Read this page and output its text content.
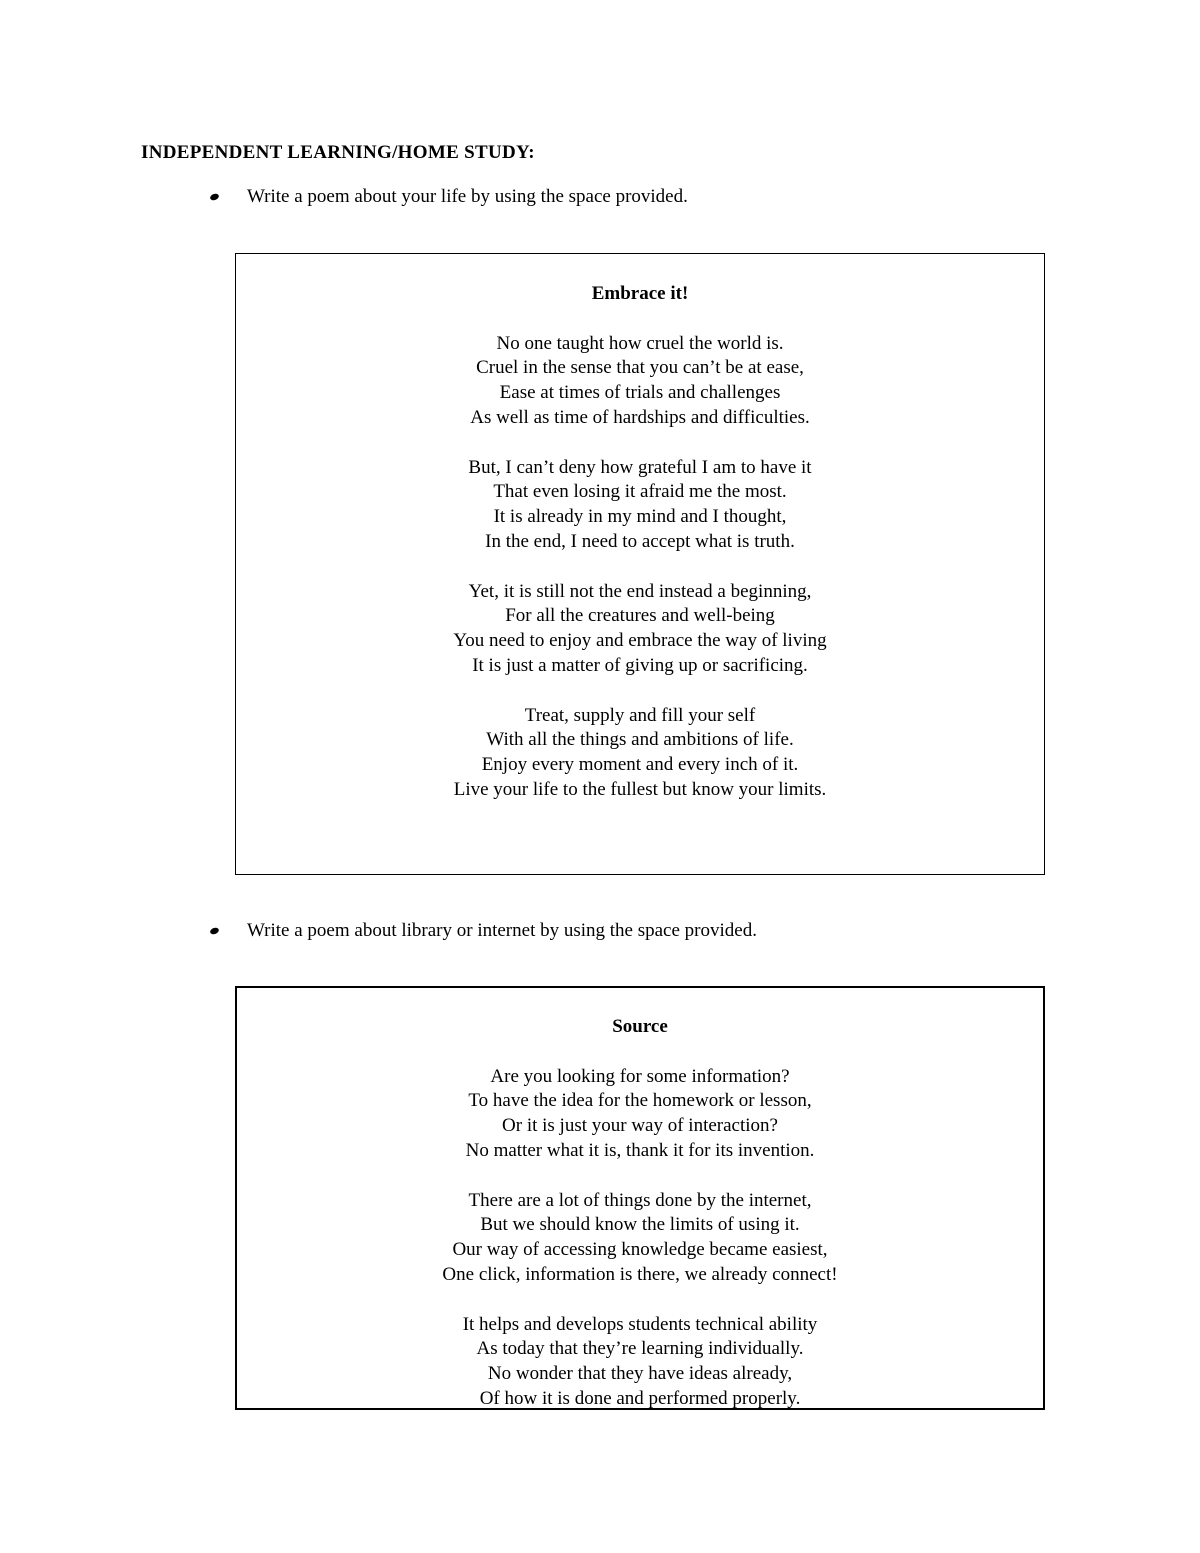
INDEPENDENT LEARNING/HOME STUDY:
Write a poem about your life by using the space provided.
Embrace it!
No one taught how cruel the world is.
Cruel in the sense that you can’t be at ease,
Ease at times of trials and challenges
As well as time of hardships and difficulties.
But, I can’t deny how grateful I am to have it
That even losing it afraid me the most.
It is already in my mind and I thought,
In the end, I need to accept what is truth.
Yet, it is still not the end instead a beginning,
For all the creatures and well-being
You need to enjoy and embrace the way of living
It is just a matter of giving up or sacrificing.
Treat, supply and fill your self
With all the things and ambitions of life.
Enjoy every moment and every inch of it.
Live your life to the fullest but know your limits.
Write a poem about library or internet by using the space provided.
Source
Are you looking for some information?
To have the idea for the homework or lesson,
Or it is just your way of interaction?
No matter what it is, thank it for its invention.
There are a lot of things done by the internet,
But we should know the limits of using it.
Our way of accessing knowledge became easiest,
One click, information is there, we already connect!
It helps and develops students technical ability
As today that they’re learning individually.
No wonder that they have ideas already,
Of how it is done and performed properly.
